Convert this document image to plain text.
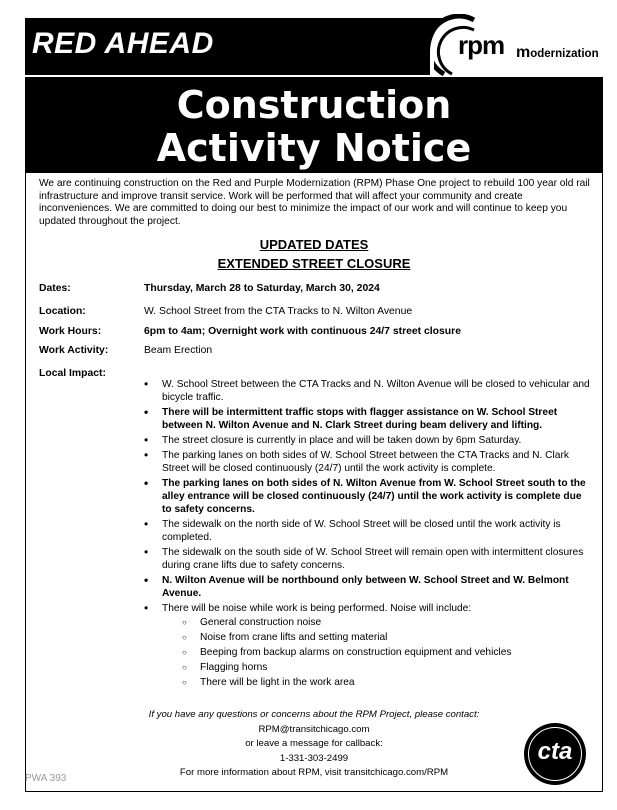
RED AHEAD	rpm modernization
Construction
Activity Notice
We are continuing construction on the Red and Purple Modernization (RPM) Phase One project to rebuild 100 year old rail infrastructure and improve transit service. Work will be performed that will affect your community and create inconveniences. We are committed to doing our best to minimize the impact of our work and will continue to keep you updated throughout the project.
UPDATED DATES
EXTENDED STREET CLOSURE
Dates:	Thursday, March 28 to Saturday, March 30, 2024
Location:	W. School Street from the CTA Tracks to N. Wilton Avenue
Work Hours:	6pm to 4am; Overnight work with continuous 24/7 street closure
Work Activity:	Beam Erection
Local Impact:
• W. School Street between the CTA Tracks and N. Wilton Avenue will be closed to vehicular and bicycle traffic.
• There will be intermittent traffic stops with flagger assistance on W. School Street between N. Wilton Avenue and N. Clark Street during beam delivery and lifting.
• The street closure is currently in place and will be taken down by 6pm Saturday.
• The parking lanes on both sides of W. School Street between the CTA Tracks and N. Clark Street will be closed continuously (24/7) until the work activity is complete.
• The parking lanes on both sides of N. Wilton Avenue from W. School Street south to the alley entrance will be closed continuously (24/7) until the work activity is complete due to safety concerns.
• The sidewalk on the north side of W. School Street will be closed until the work activity is completed.
• The sidewalk on the south side of W. School Street will remain open with intermittent closures during crane lifts due to safety concerns.
• N. Wilton Avenue will be northbound only between W. School Street and W. Belmont Avenue.
• There will be noise while work is being performed. Noise will include:
○ General construction noise
○ Noise from crane lifts and setting material
○ Beeping from backup alarms on construction equipment and vehicles
○ Flagging horns
○ There will be light in the work area
If you have any questions or concerns about the RPM Project, please contact:
RPM@transitchicago.com
or leave a message for callback:
1-331-303-2499
For more information about RPM, visit transitchicago.com/RPM
cta
PWA 393
